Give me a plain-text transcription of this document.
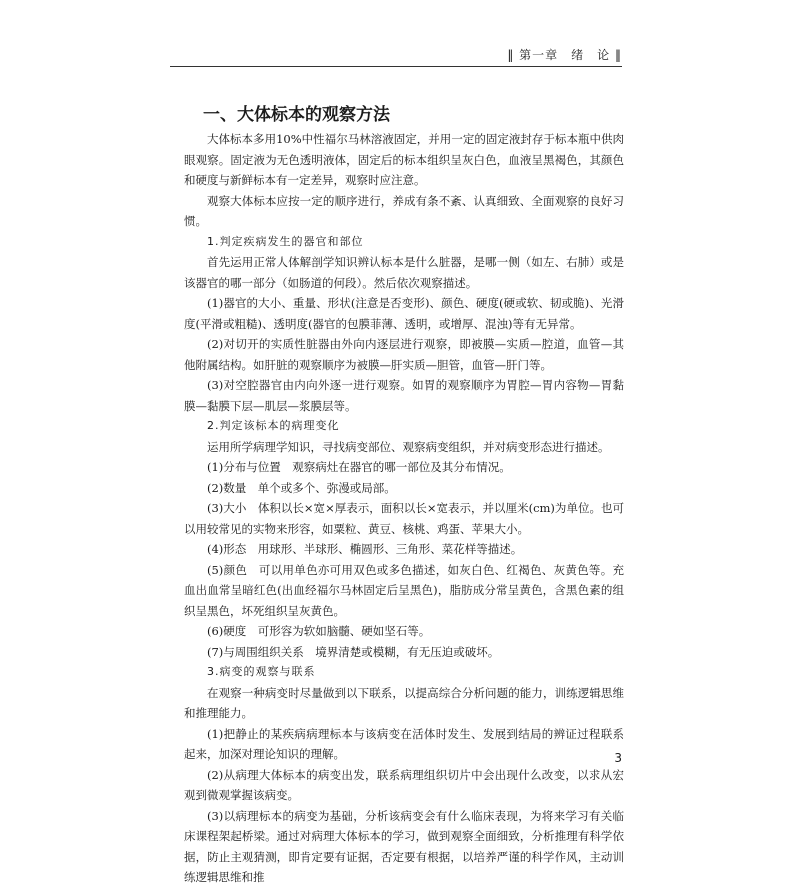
‖ 第一章　绪　论 ‖
一、大体标本的观察方法

大体标本多用10%中性福尔马林溶液固定，并用一定的固定液封存于标本瓶中供肉眼观察。固定液为无色透明液体，固定后的标本组织呈灰白色，血液呈黑褐色，其颜色和硬度与新鲜标本有一定差异，观察时应注意。

观察大体标本应按一定的顺序进行，养成有条不紊、认真细致、全面观察的良好习惯。

1.判定疾病发生的器官和部位

首先运用正常人体解剖学知识辨认标本是什么脏器，是哪一侧（如左、右肺）或是该器官的哪一部分（如肠道的何段）。然后依次观察描述。

(1)器官的大小、重量、形状(注意是否变形)、颜色、硬度(硬或软、韧或脆)、光滑度(平滑或粗糙)、透明度(器官的包膜菲薄、透明，或增厚、混浊)等有无异常。

(2)对切开的实质性脏器由外向内逐层进行观察，即被膜—实质—腔道，血管—其他附属结构。如肝脏的观察顺序为被膜—肝实质—胆管，血管—肝门等。

(3)对空腔器官由内向外逐一进行观察。如胃的观察顺序为胃腔—胃内容物—胃黏膜—黏膜下层—肌层—浆膜层等。

2.判定该标本的病理变化

运用所学病理学知识，寻找病变部位、观察病变组织，并对病变形态进行描述。

(1)分布与位置　观察病灶在器官的哪一部位及其分布情况。

(2)数量　单个或多个、弥漫或局部。

(3)大小　体积以长×宽×厚表示，面积以长×宽表示，并以厘米(cm)为单位。也可以用较常见的实物来形容，如粟粒、黄豆、核桃、鸡蛋、苹果大小。

(4)形态　用球形、半球形、椭圆形、三角形、菜花样等描述。

(5)颜色　可以用单色亦可用双色或多色描述，如灰白色、红褐色、灰黄色等。充血出血常呈暗红色(出血经福尔马林固定后呈黑色)，脂肪成分常呈黄色，含黑色素的组织呈黑色，坏死组织呈灰黄色。

(6)硬度　可形容为软如脑髓、硬如坚石等。

(7)与周围组织关系　境界清楚或模糊，有无压迫或破坏。

3.病变的观察与联系

在观察一种病变时尽量做到以下联系，以提高综合分析问题的能力，训练逻辑思维和推理能力。

(1)把静止的某疾病病理标本与该病变在活体时发生、发展到结局的辨证过程联系起来，加深对理论知识的理解。

(2)从病理大体标本的病变出发，联系病理组织切片中会出现什么改变，以求从宏观到微观掌握该病变。

(3)以病理标本的病变为基础，分析该病变会有什么临床表现，为将来学习有关临床课程架起桥梁。通过对病理大体标本的学习，做到观察全面细致，分析推理有科学依据，防止主观猜测，即肯定要有证据，否定要有根据，以培养严谨的科学作风，主动训练逻辑思维和推

3
